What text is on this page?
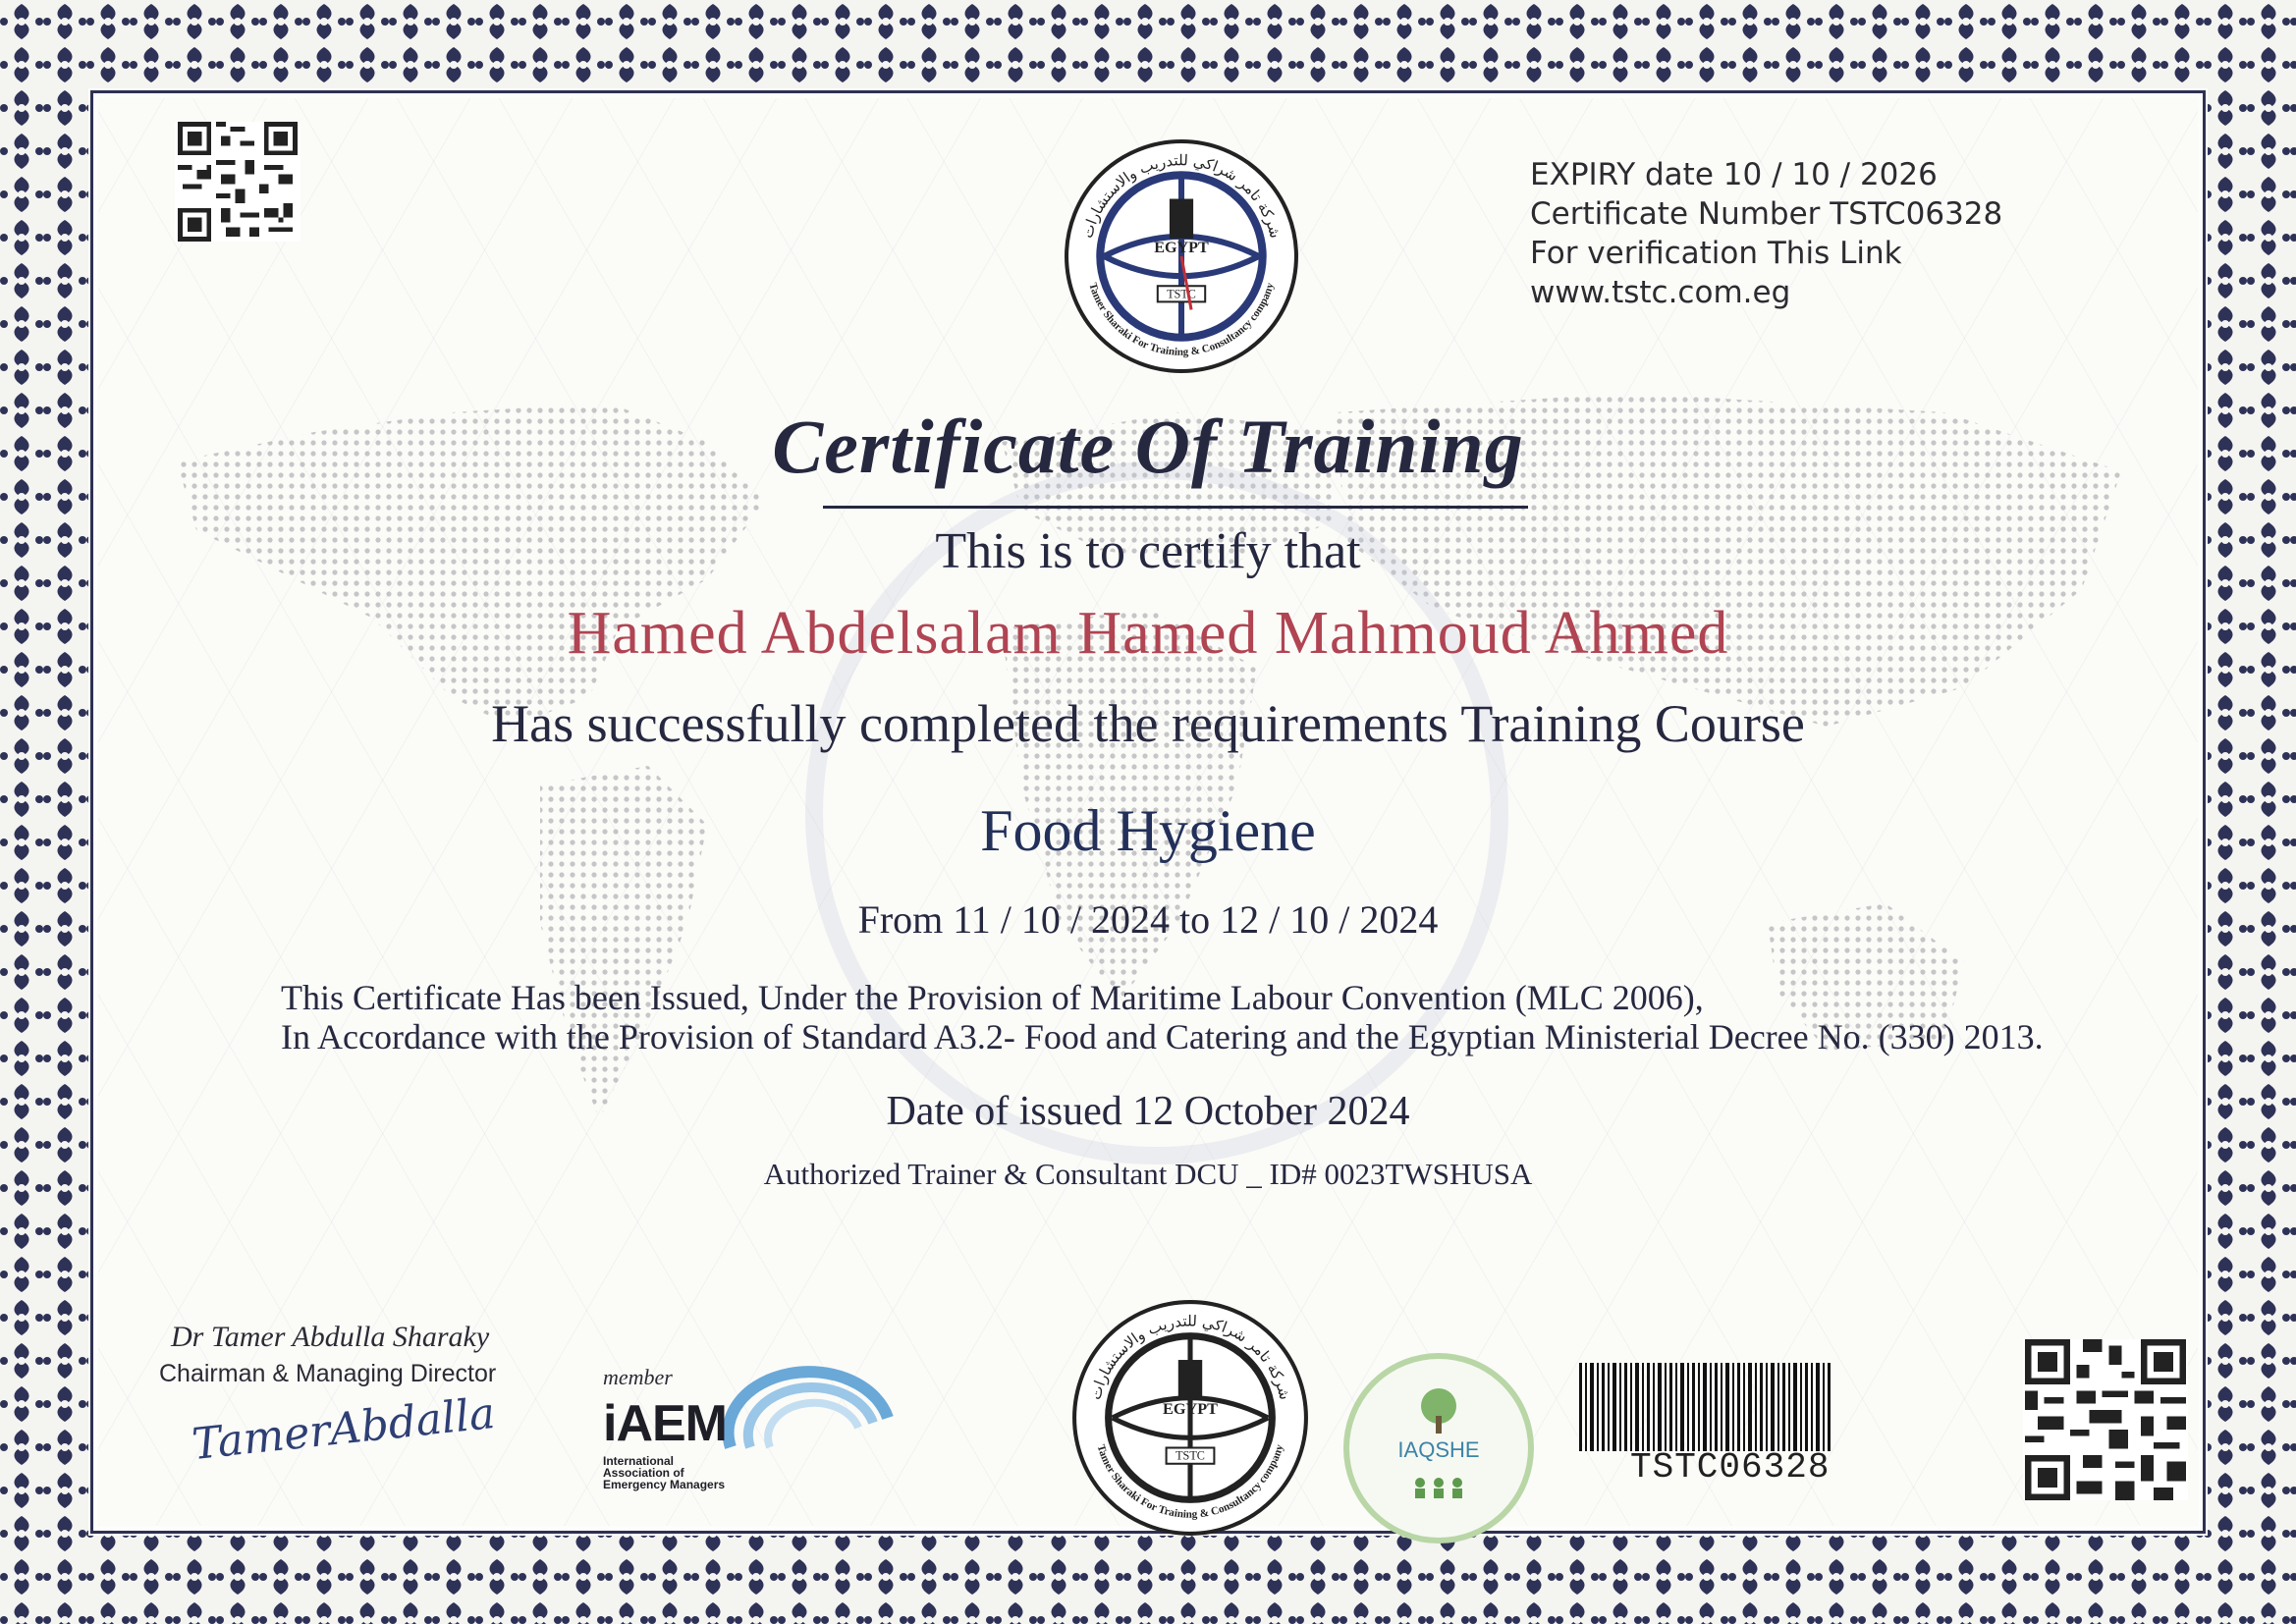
TSTC
EGYPT
شركة تامر شراكي للتدريب والاستشارات
Tamer Sharaki For Training & Consultancy company
EXPIRY date 10 / 10 / 2026
Certificate Number TSTC06328
For verification This Link
www.tstc.com.eg
Certificate Of Training
This is to certify that
Hamed Abdelsalam Hamed Mahmoud Ahmed
Has successfully completed the requirements Training Course
Food Hygiene
From 11 / 10 / 2024 to 12 / 10 / 2024
This Certificate Has been Issued, Under the Provision of Maritime Labour Convention (MLC 2006),
In Accordance with the Provision of Standard A3.2- Food and Catering and the Egyptian Ministerial Decree No. (330) 2013.
Date of issued 12 October 2024
Authorized Trainer & Consultant DCU _ ID# 0023TWSHUSA
Dr Tamer Abdulla Sharaky
Chairman & Managing Director
TamerAbdalla
member
iAEM
International
Association of
Emergency Managers
TSTC
EGYPT
شركة تامر شراكي للتدريب والاستشارات
Tamer Sharaki For Training & Consultancy company	IAQSHE	TSTC06328
